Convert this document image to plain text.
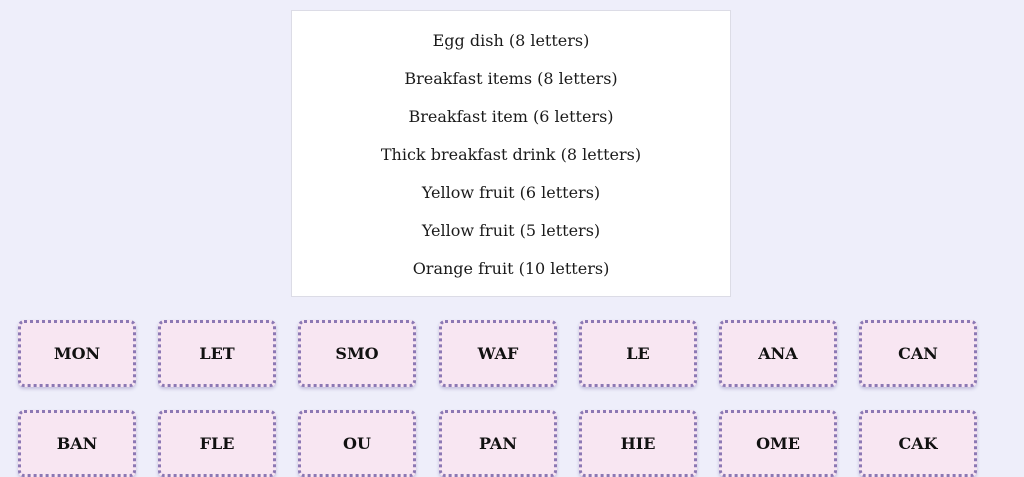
Egg dish (8 letters)
Breakfast items (8 letters)
Breakfast item (6 letters)
Thick breakfast drink (8 letters)
Yellow fruit (6 letters)
Yellow fruit (5 letters)
Orange fruit (10 letters)
MON	LET	SMO	WAF	LE	ANA	CAN
BAN	FLE	OU	PAN	HIE	OME	CAK
